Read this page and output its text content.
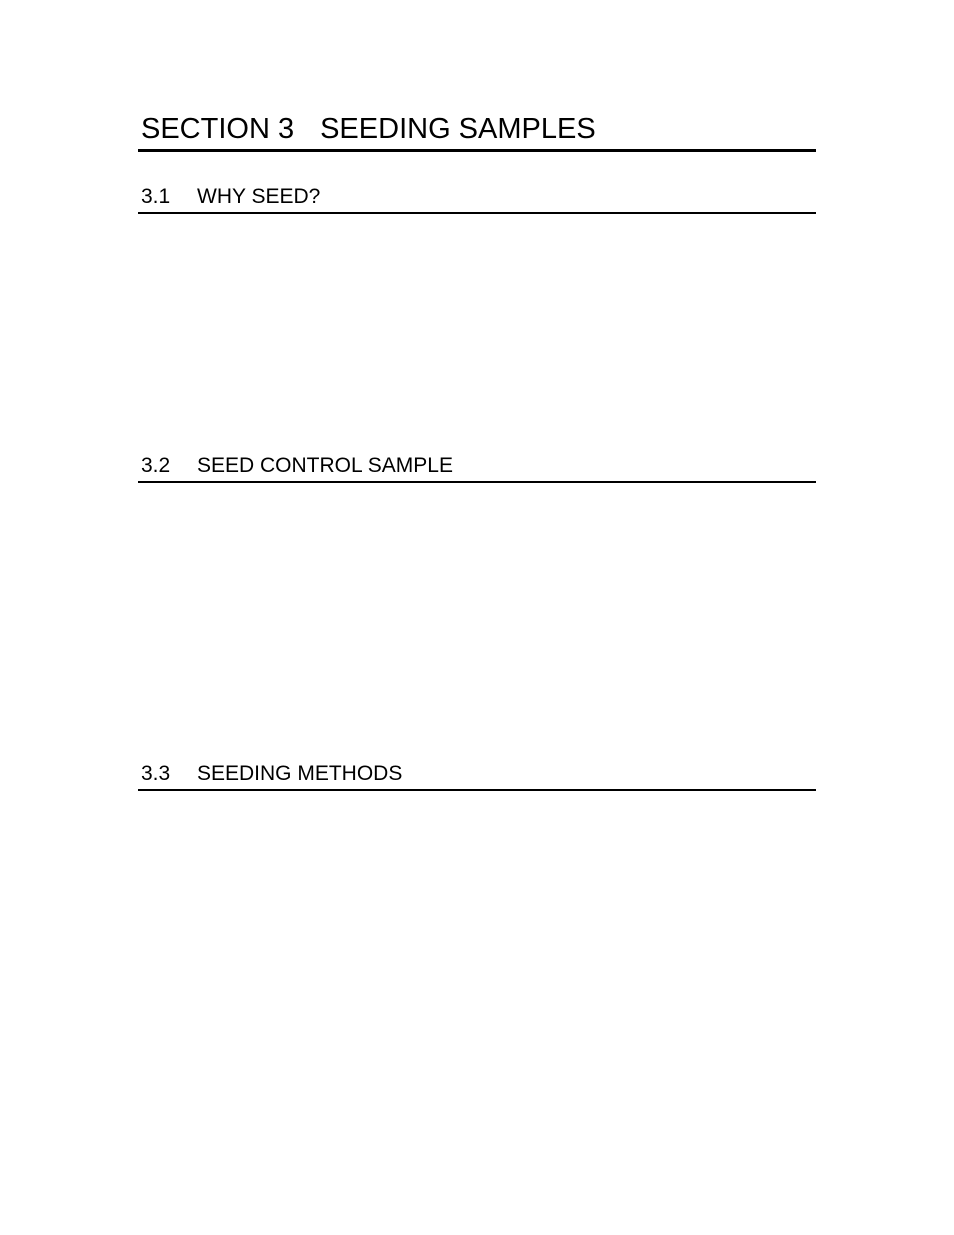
SECTION 3 SEEDING SAMPLES
3.1 WHY SEED?
3.2 SEED CONTROL SAMPLE
3.3 SEEDING METHODS
